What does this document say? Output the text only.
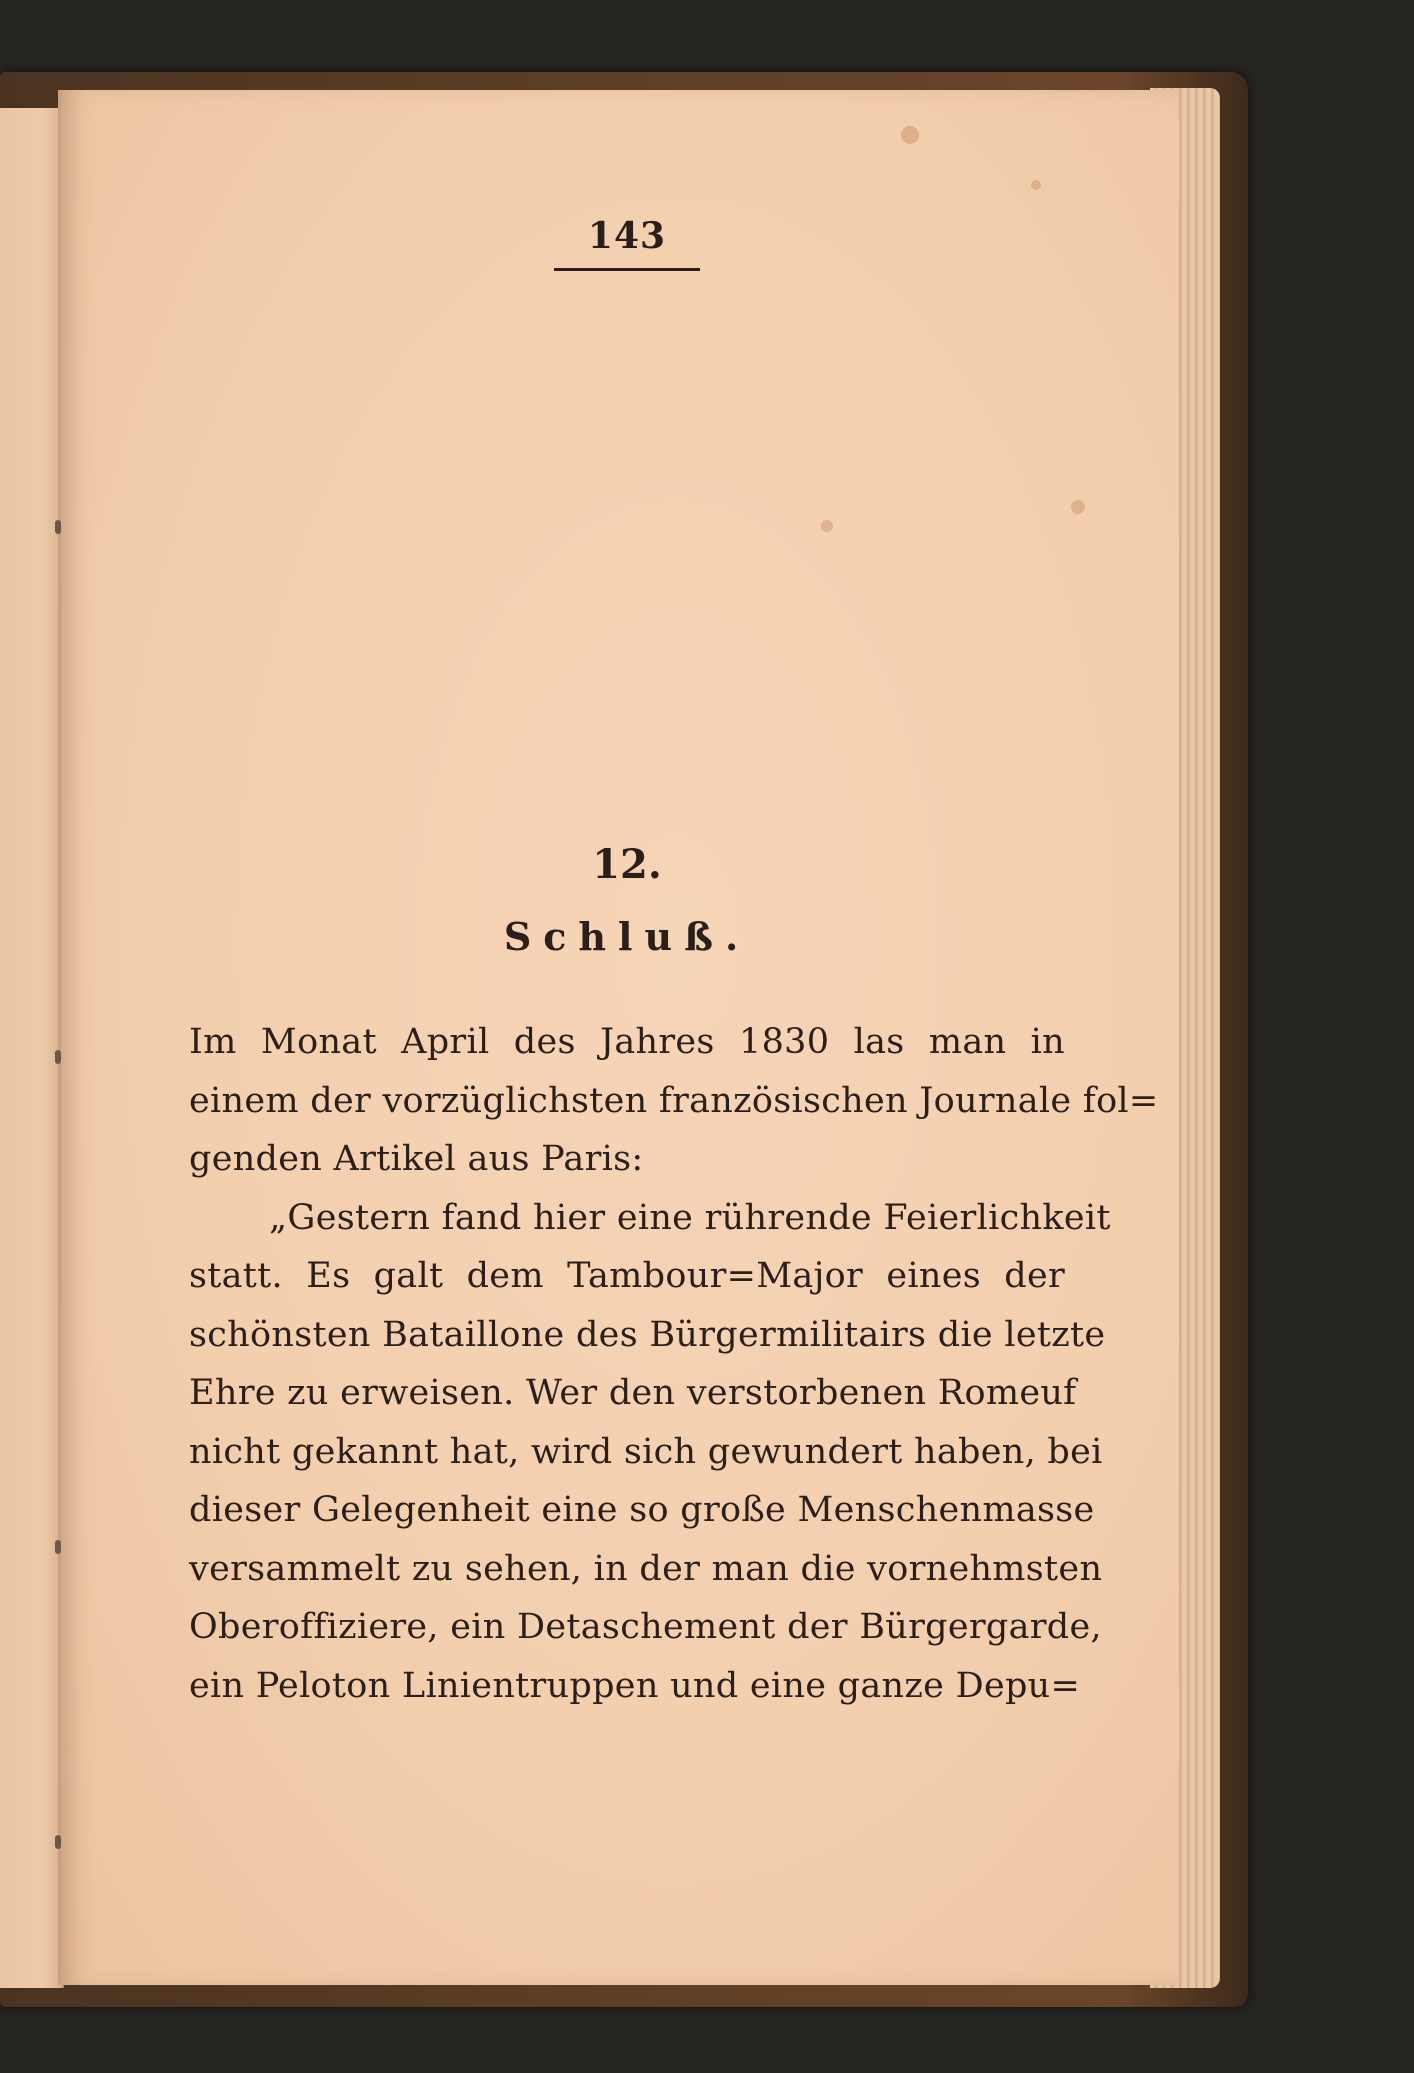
143
12.
Schluß.
Im Monat April des Jahres 1830 las man in
einem der vorzüglichsten französischen Journale fol=
genden Artikel aus Paris:
„Gestern fand hier eine rührende Feierlichkeit
statt. Es galt dem Tambour=Major eines der
schönsten Bataillone des Bürgermilitairs die letzte
Ehre zu erweisen. Wer den verstorbenen Romeuf
nicht gekannt hat, wird sich gewundert haben, bei
dieser Gelegenheit eine so große Menschenmasse
versammelt zu sehen, in der man die vornehmsten
Oberoffiziere, ein Detaschement der Bürgergarde,
ein Peloton Linientruppen und eine ganze Depu=
